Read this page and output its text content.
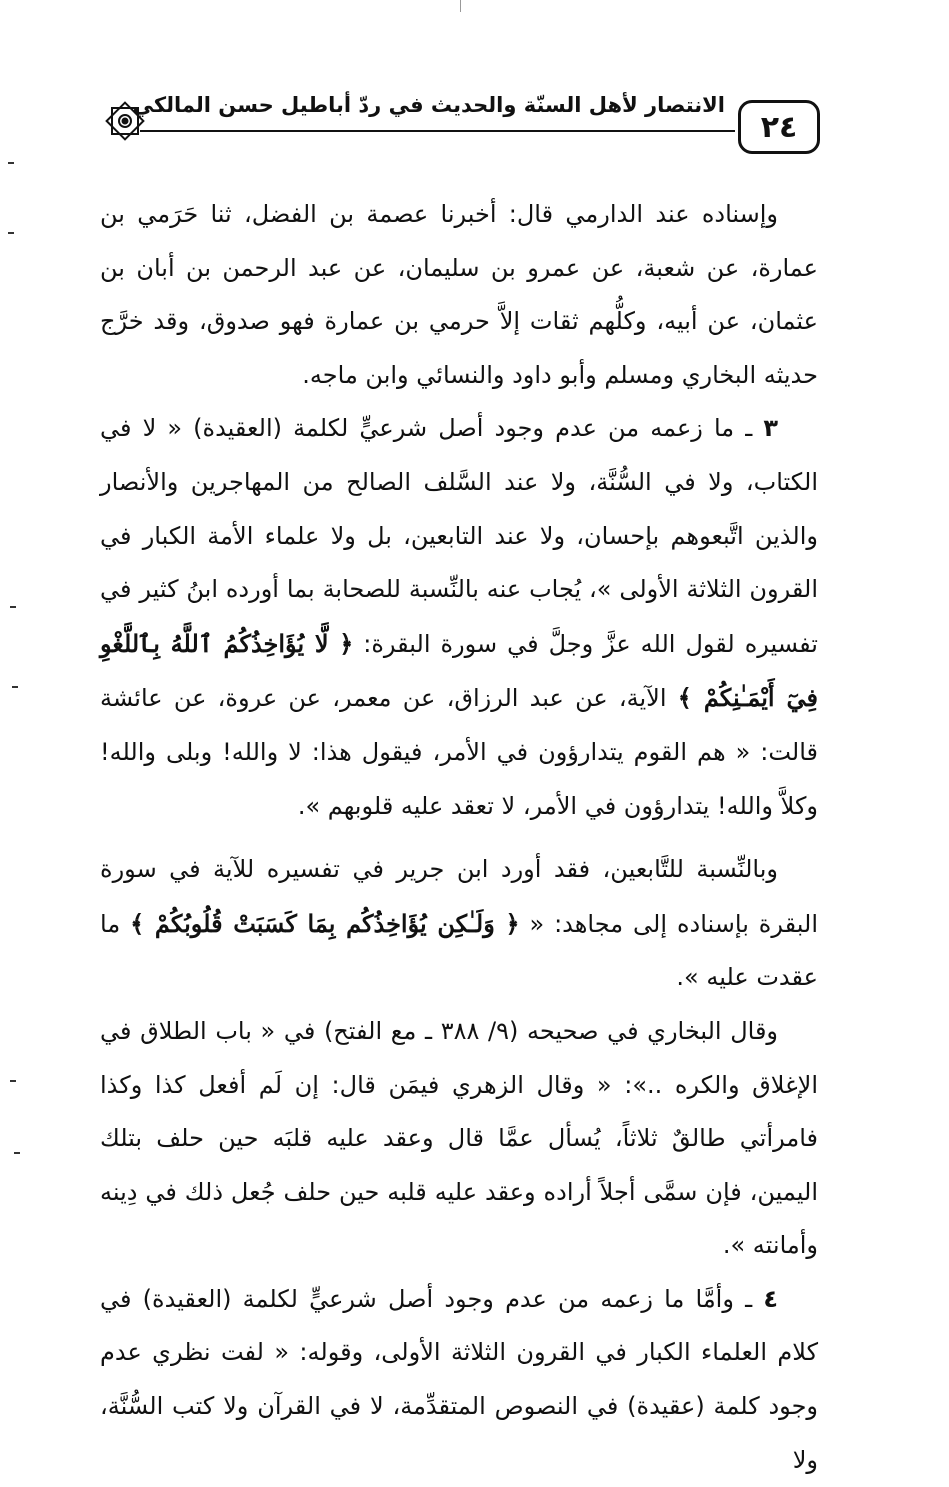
الانتصار لأهل السنّة والحديث في ردّ أباطيل حسن المالكي
٢٤

وإسناده عند الدارمي قال: أخبرنا عصمة بن الفضل، ثنا حَرَمي بن عمارة، عن شعبة، عن عمرو بن سليمان، عن عبد الرحمن بن أبان بن عثمان، عن أبيه، وكلُّهم ثقات إلاَّ حرمي بن عمارة فهو صدوق، وقد خرَّج حديثه البخاري ومسلم وأبو داود والنسائي وابن ماجه.

٣ ـ ما زعمه من عدم وجود أصل شرعيٍّ لكلمة (العقيدة) « لا في الكتاب، ولا في السُّنَّة، ولا عند السَّلف الصالح من المهاجرين والأنصار والذين اتَّبعوهم بإحسان، ولا عند التابعين، بل ولا علماء الأمة الكبار في القرون الثلاثة الأولى »، يُجاب عنه بالنِّسبة للصحابة بما أورده ابنُ كثير في تفسيره لقول الله عزَّ وجلَّ في سورة البقرة: ﴿ لَّا يُؤَاخِذُكُمُ ٱللَّهُ بِٱللَّغْوِ فِيٓ أَيْمَـٰنِكُمْ ﴾ الآية، عن عبد الرزاق، عن معمر، عن عروة، عن عائشة قالت: « هم القوم يتدارؤون في الأمر، فيقول هذا: لا والله! وبلى والله! وكلاَّ والله! يتدارؤون في الأمر، لا تعقد عليه قلوبهم ».

وبالنِّسبة للتَّابعين، فقد أورد ابن جرير في تفسيره للآية في سورة البقرة بإسناده إلى مجاهد: « ﴿ وَلَـٰكِن يُؤَاخِذُكُم بِمَا كَسَبَتْ قُلُوبُكُمْ ﴾ ما عقدت عليه ».

وقال البخاري في صحيحه (٩/ ٣٨٨ ـ مع الفتح) في « باب الطلاق في الإغلاق والكره ..»: « وقال الزهري فيمَن قال: إن لَم أفعل كذا وكذا فامرأتي طالقٌ ثلاثاً، يُسأل عمَّا قال وعقد عليه قلبَه حين حلف بتلك اليمين، فإن سمَّى أجلاً أراده وعقد عليه قلبه حين حلف جُعل ذلك في دِينه وأمانته ».

٤ ـ وأمَّا ما زعمه من عدم وجود أصل شرعيٍّ لكلمة (العقيدة) في كلام العلماء الكبار في القرون الثلاثة الأولى، وقوله: « لفت نظري عدم وجود كلمة (عقيدة) في النصوص المتقدِّمة، لا في القرآن ولا كتب السُّنَّة، ولا
